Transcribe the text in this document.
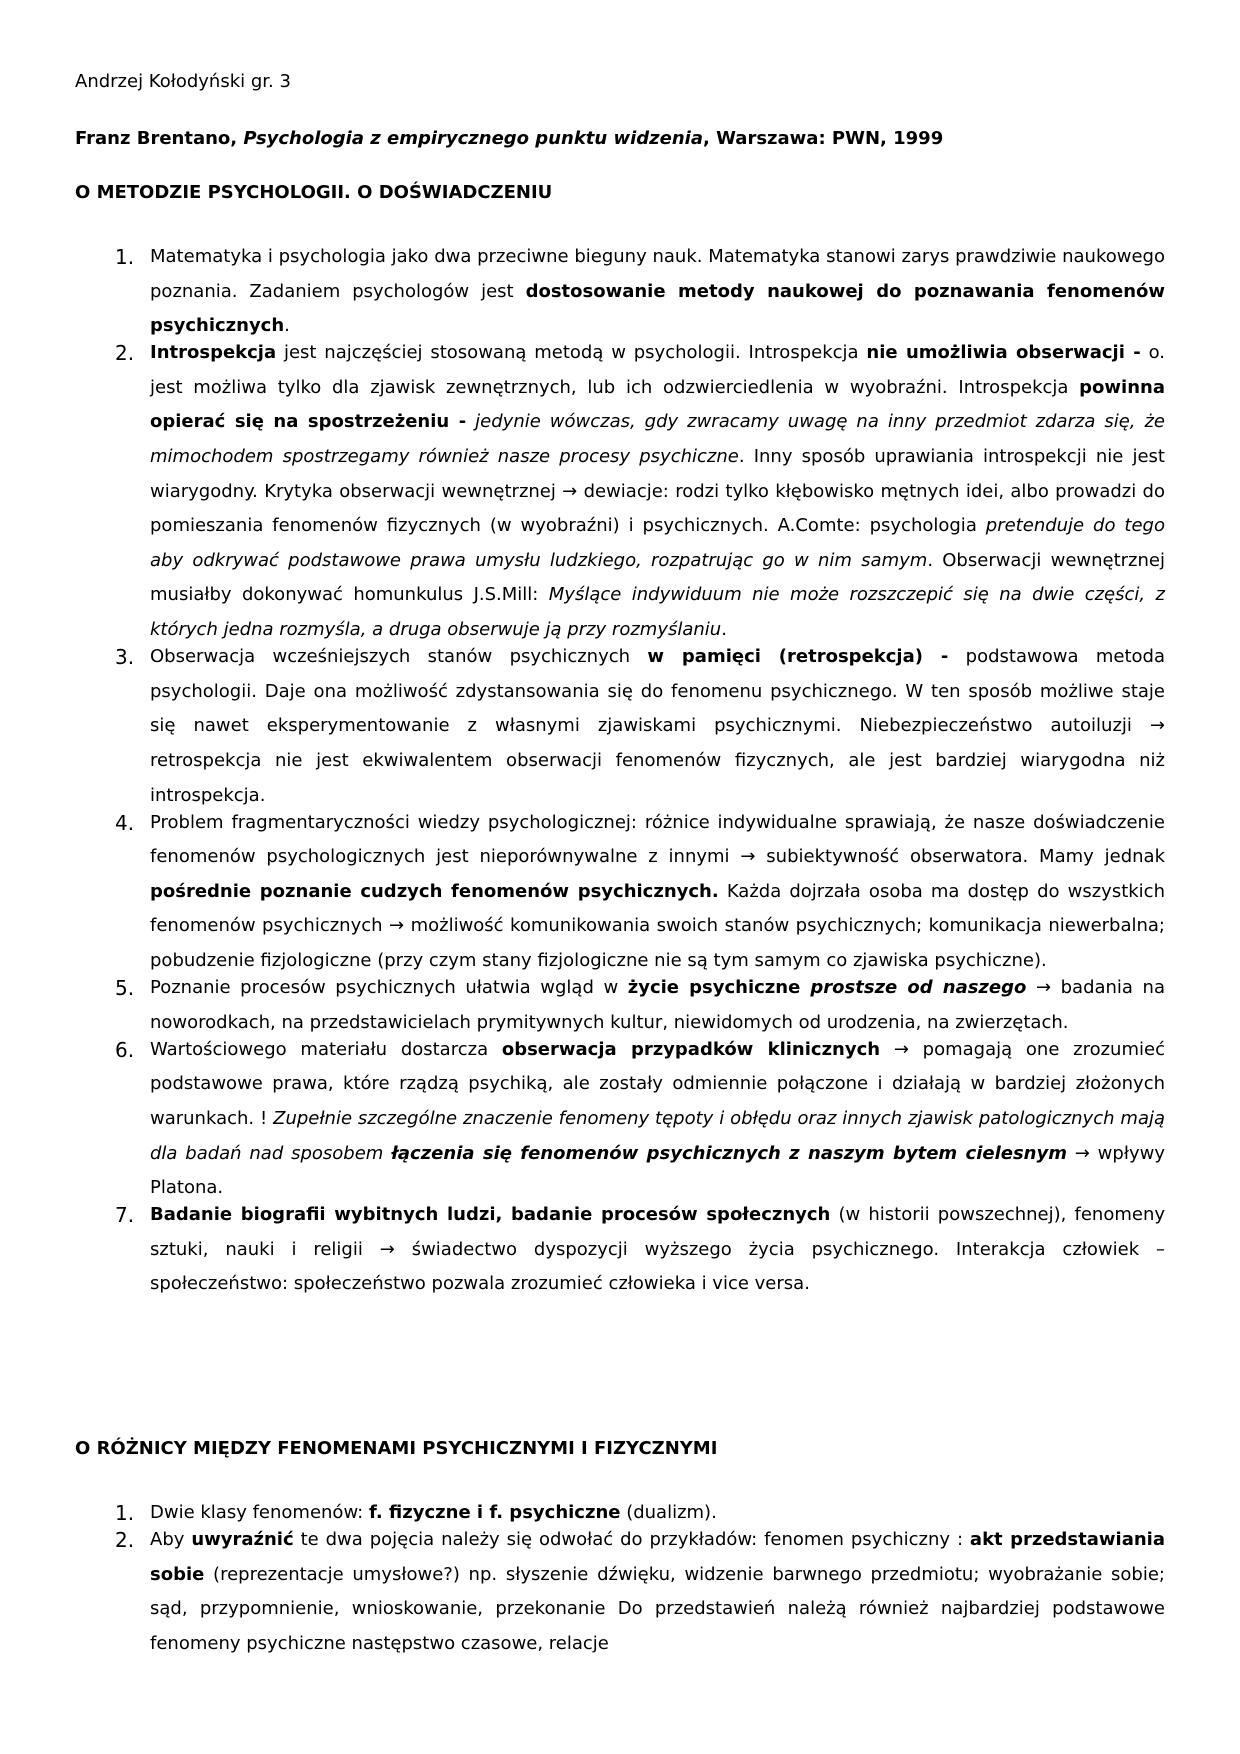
Andrzej Kołodyński gr. 3
Franz Brentano, Psychologia z empirycznego punktu widzenia, Warszawa: PWN, 1999
O METODZIE PSYCHOLOGII. O DOŚWIADCZENIU
1. Matematyka i psychologia jako dwa przeciwne bieguny nauk. Matematyka stanowi zarys prawdziwie naukowego poznania. Zadaniem psychologów jest dostosowanie metody naukowej do poznawania fenomenów psychicznych.
2. Introspekcja jest najczęściej stosowaną metodą w psychologii. Introspekcja nie umożliwia obserwacji - o. jest możliwa tylko dla zjawisk zewnętrznych, lub ich odzwierciedlenia w wyobraźni. Introspekcja powinna opierać się na spostrzeżeniu - jedynie wówczas, gdy zwracamy uwagę na inny przedmiot zdarza się, że mimochodem spostrzegamy również nasze procesy psychiczne. Inny sposób uprawiania introspekcji nie jest wiarygodny. Krytyka obserwacji wewnętrznej → dewiacje: rodzi tylko kłębowisko mętnych idei, albo prowadzi do pomieszania fenomenów fizycznych (w wyobraźni) i psychicznych. A.Comte: psychologia pretenduje do tego aby odkrywać podstawowe prawa umysłu ludzkiego, rozpatrując go w nim samym. Obserwacji wewnętrznej musiałby dokonywać homunkulus J.S.Mill: Myślące indywiduum nie może rozszczepić się na dwie części, z których jedna rozmyśla, a druga obserwuje ją przy rozmyślaniu.
3. Obserwacja wcześniejszych stanów psychicznych w pamięci (retrospekcja) - podstawowa metoda psychologii. Daje ona możliwość zdystansowania się do fenomenu psychicznego. W ten sposób możliwe staje się nawet eksperymentowanie z własnymi zjawiskami psychicznymi. Niebezpieczeństwo autoiluzji → retrospekcja nie jest ekwiwalentem obserwacji fenomenów fizycznych, ale jest bardziej wiarygodna niż introspekcja.
4. Problem fragmentaryczności wiedzy psychologicznej: różnice indywidualne sprawiają, że nasze doświadczenie fenomenów psychologicznych jest nieporównywalne z innymi → subiektywność obserwatora. Mamy jednak pośrednie poznanie cudzych fenomenów psychicznych. Każda dojrzała osoba ma dostęp do wszystkich fenomenów psychicznych → możliwość komunikowania swoich stanów psychicznych; komunikacja niewerbalna; pobudzenie fizjologiczne (przy czym stany fizjologiczne nie są tym samym co zjawiska psychiczne).
5. Poznanie procesów psychicznych ułatwia wgląd w życie psychiczne prostsze od naszego → badania na noworodkach, na przedstawicielach prymitywnych kultur, niewidomych od urodzenia, na zwierzętach.
6. Wartościowego materiału dostarcza obserwacja przypadków klinicznych → pomagają one zrozumieć podstawowe prawa, które rządzą psychiką, ale zostały odmiennie połączone i działają w bardziej złożonych warunkach. ! Zupełnie szczególne znaczenie fenomeny tępoty i obłędu oraz innych zjawisk patologicznych mają dla badań nad sposobem łączenia się fenomenów psychicznych z naszym bytem cielesnym → wpływy Platona.
7. Badanie biografii wybitnych ludzi, badanie procesów społecznych (w historii powszechnej), fenomeny sztuki, nauki i religii → świadectwo dyspozycji wyższego życia psychicznego. Interakcja człowiek –społeczeństwo: społeczeństwo pozwala zrozumieć człowieka i vice versa.
O RÓŻNICY MIĘDZY FENOMENAMI PSYCHICZNYMI I FIZYCZNYMI
1. Dwie klasy fenomenów: f. fizyczne i f. psychiczne (dualizm).
2. Aby uwyraźnić te dwa pojęcia należy się odwołać do przykładów: fenomen psychiczny : akt przedstawiania sobie (reprezentacje umysłowe?) np. słyszenie dźwięku, widzenie barwnego przedmiotu; wyobrażanie sobie; sąd, przypomnienie, wnioskowanie, przekonanie Do przedstawień należą również najbardziej podstawowe fenomeny psychiczne następstwo czasowe, relacje
